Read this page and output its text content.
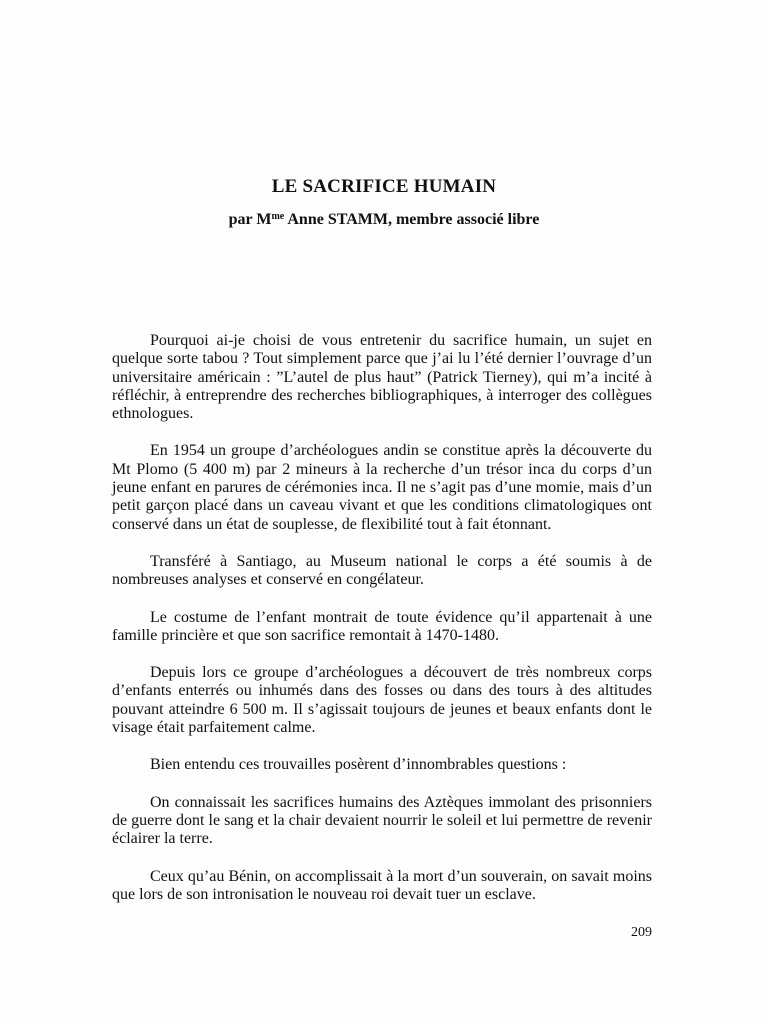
LE SACRIFICE HUMAIN
par $M^{me}$ Anne STAMM, membre associé libre

Pourquoi ai-je choisi de vous entretenir du sacrifice humain, un sujet en quelque sorte tabou ? Tout simplement parce que j’ai lu l’été dernier l’ouvrage d’un universitaire américain : ”L’autel de plus haut” (Patrick Tierney), qui m’a incité à réfléchir, à entreprendre des recherches bibliographiques, à interroger des collègues ethnologues.

En 1954 un groupe d’archéologues andin se constitue après la découverte du Mt Plomo (5 400 m) par 2 mineurs à la recherche d’un trésor inca du corps d’un jeune enfant en parures de cérémonies inca. Il ne s’agit pas d’une momie, mais d’un petit garçon placé dans un caveau vivant et que les conditions climatologiques ont conservé dans un état de souplesse, de flexibilité tout à fait étonnant.

Transféré à Santiago, au Museum national le corps a été soumis à de nombreuses analyses et conservé en congélateur.

Le costume de l’enfant montrait de toute évidence qu’il appartenait à une famille princière et que son sacrifice remontait à 1470-1480.

Depuis lors ce groupe d’archéologues a découvert de très nombreux corps d’enfants enterrés ou inhumés dans des fosses ou dans des tours à des altitudes pouvant atteindre 6 500 m. Il s’agissait toujours de jeunes et beaux enfants dont le visage était parfaitement calme.

Bien entendu ces trouvailles posèrent d’innombrables questions :

On connaissait les sacrifices humains des Aztèques immolant des prisonniers de guerre dont le sang et la chair devaient nourrir le soleil et lui permettre de revenir éclairer la terre.

Ceux qu’au Bénin, on accomplissait à la mort d’un souverain, on savait moins que lors de son intronisation le nouveau roi devait tuer un esclave.

209
